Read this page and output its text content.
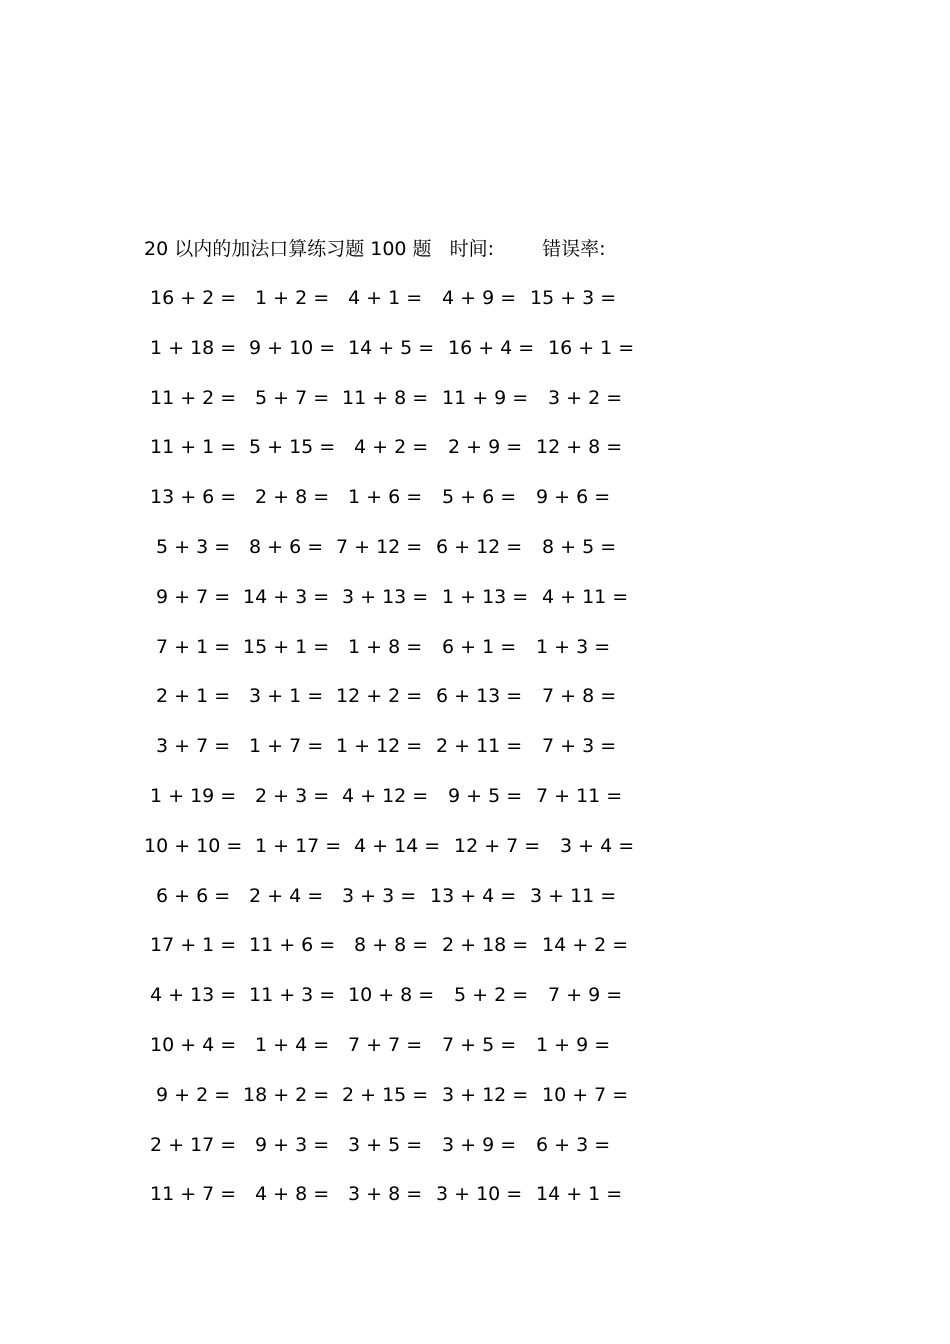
20 以内的加法口算练习题 100 题 时间:	错误率:
16 + 2 = 1 + 2 = 4 + 1 = 4 + 9 = 15 + 3 =
1 + 18 = 9 + 10 = 14 + 5 = 16 + 4 = 16 + 1 =
11 + 2 = 5 + 7 = 11 + 8 = 11 + 9 = 3 + 2 =
11 + 1 = 5 + 15 = 4 + 2 = 2 + 9 = 12 + 8 =
13 + 6 = 2 + 8 = 1 + 6 = 5 + 6 = 9 + 6 =
5 + 3 = 8 + 6 = 7 + 12 = 6 + 12 = 8 + 5 =
9 + 7 = 14 + 3 = 3 + 13 = 1 + 13 = 4 + 11 =
7 + 1 = 15 + 1 = 1 + 8 = 6 + 1 = 1 + 3 =
2 + 1 = 3 + 1 = 12 + 2 = 6 + 13 = 7 + 8 =
3 + 7 = 1 + 7 = 1 + 12 = 2 + 11 = 7 + 3 =
1 + 19 = 2 + 3 = 4 + 12 = 9 + 5 = 7 + 11 =
10 + 10 = 1 + 17 = 4 + 14 = 12 + 7 = 3 + 4 =
6 + 6 = 2 + 4 = 3 + 3 = 13 + 4 = 3 + 11 =
17 + 1 = 11 + 6 = 8 + 8 = 2 + 18 = 14 + 2 =
4 + 13 = 11 + 3 = 10 + 8 = 5 + 2 = 7 + 9 =
10 + 4 = 1 + 4 = 7 + 7 = 7 + 5 = 1 + 9 =
9 + 2 = 18 + 2 = 2 + 15 = 3 + 12 = 10 + 7 =
2 + 17 = 9 + 3 = 3 + 5 = 3 + 9 = 6 + 3 =
11 + 7 = 4 + 8 = 3 + 8 = 3 + 10 = 14 + 1 =
